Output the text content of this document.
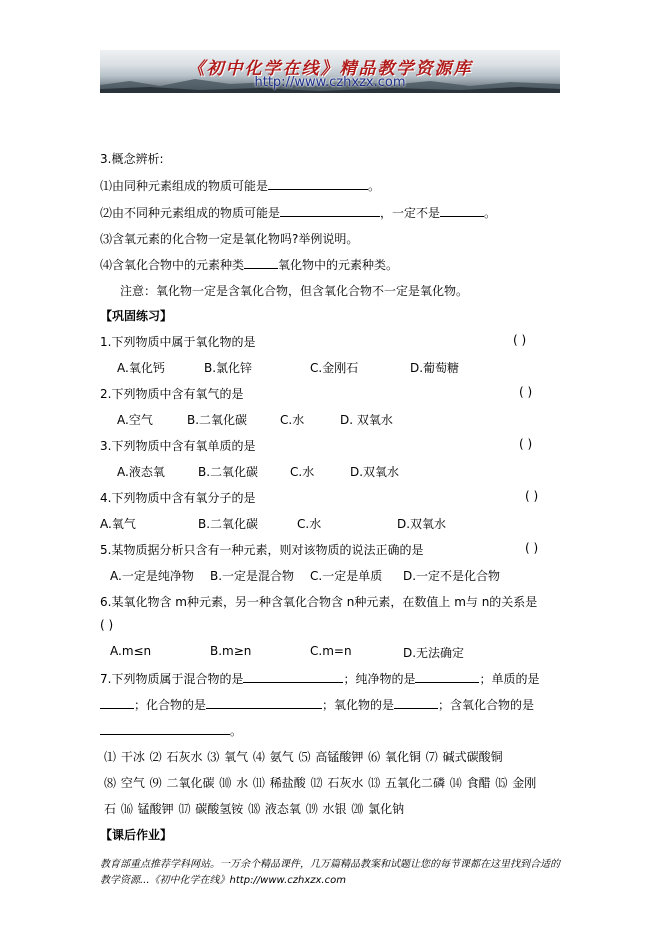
《初中化学在线》精品教学资源库
http://www.czhxzx.com
3.概念辨析:
⑴由同种元素组成的物质可能是	。
⑵由不同种元素组成的物质可能是	，一定不是	。
⑶含氧元素的化合物一定是氧化物吗?举例说明。
⑷含氧化合物中的元素种类	氧化物中的元素种类。
注意：氧化物一定是含氧化合物，但含氧化合物不一定是氧化物。
【巩固练习】
1.下列物质中属于氧化物的是	( )
A.氧化钙	B.氯化锌	C.金刚石	D.葡萄糖
2.下列物质中含有氧气的是	( )
A.空气	B.二氧化碳	C.水	D. 双氧水
3.下列物质中含有氧单质的是	( )
A.液态氧	B.二氧化碳	C.水	D.双氧水
4.下列物质中含有氧分子的是	( )
A.氧气	B.二氧化碳	C.水	D.双氧水
5.某物质据分析只含有一种元素，则对该物质的说法正确的是	( )
A.一定是纯净物 B.一定是混合物 C.一定是单质 D.一定不是化合物
6.某氧化物含 m种元素，另一种含氧化合物含 n种元素，在数值上 m与 n的关系是
( )
A.m≤n	B.m≥n	C.m=n	D.无法确定
7.下列物质属于混合物的是	；纯净物的是	；单质的是
；化合物的是	；氧化物的是	；含氧化合物的是
。
⑴ 干冰 ⑵ 石灰水 ⑶ 氧气 ⑷ 氨气 ⑸ 高锰酸钾 ⑹ 氧化铜 ⑺ 碱式碳酸铜
⑻ 空气 ⑼ 二氧化碳 ⑽ 水 ⑾ 稀盐酸 ⑿ 石灰水 ⒀ 五氧化二磷 ⒁ 食醋 ⒂ 金刚
石 ⒃ 锰酸钾 ⒄ 碳酸氢铵 ⒅ 液态氧 ⒆ 水银 ⒇ 氯化钠
【课后作业】
教育部重点推荐学科网站。一万余个精品课件，几万篇精品教案和试题让您的每节课都在这里找到合适的
教学资源...《初中化学在线》http://www.czhxzx.com
